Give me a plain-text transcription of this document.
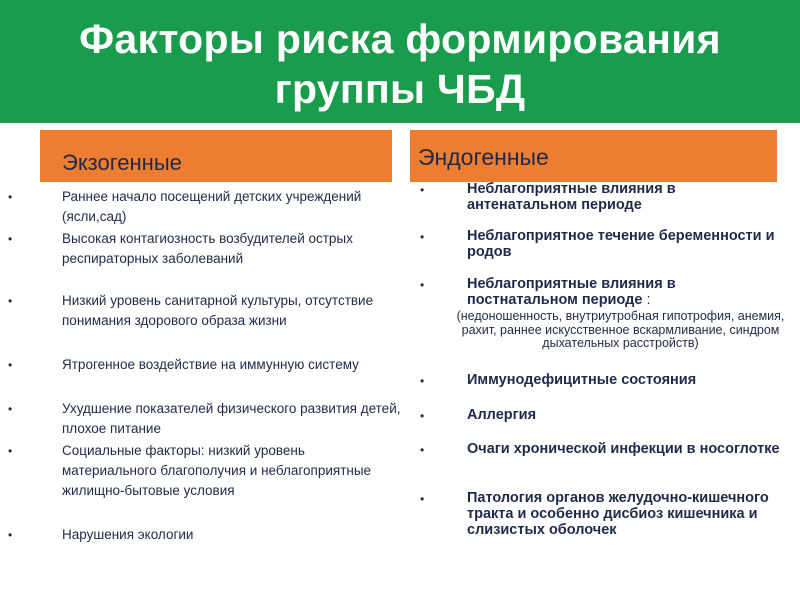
Факторы риска формирования
группы ЧБД
Экзогенные	Эндогенные
•	Раннее начало посещений детских учреждений (ясли,сад)
•	Высокая контагиозность возбудителей острых респираторных заболеваний
•	Низкий уровень санитарной культуры, отсутствие понимания здорового образа жизни
•	Ятрогенное воздействие на иммунную систему
•	Ухудшение показателей физического развития детей, плохое питание
•	Социальные факторы: низкий уровень материального благополучия и неблагоприятные жилищно-бытовые условия
•	Нарушения экологии
•	Неблагоприятные влияния в антенатальном периоде
•	Неблагоприятное течение беременности и родов
•	Неблагоприятные влияния в постнатальном периоде :
•	Иммунодефицитные состояния
•	Аллергия
•	Очаги хронической инфекции в носоглотке
•	Патология органов желудочно-кишечного тракта и особенно дисбиоз кишечника и слизистых оболочек
(недоношенность, внутриутробная гипотрофия, анемия, рахит, раннее искусственное вскармливание, синдром дыхательных расстройств)
